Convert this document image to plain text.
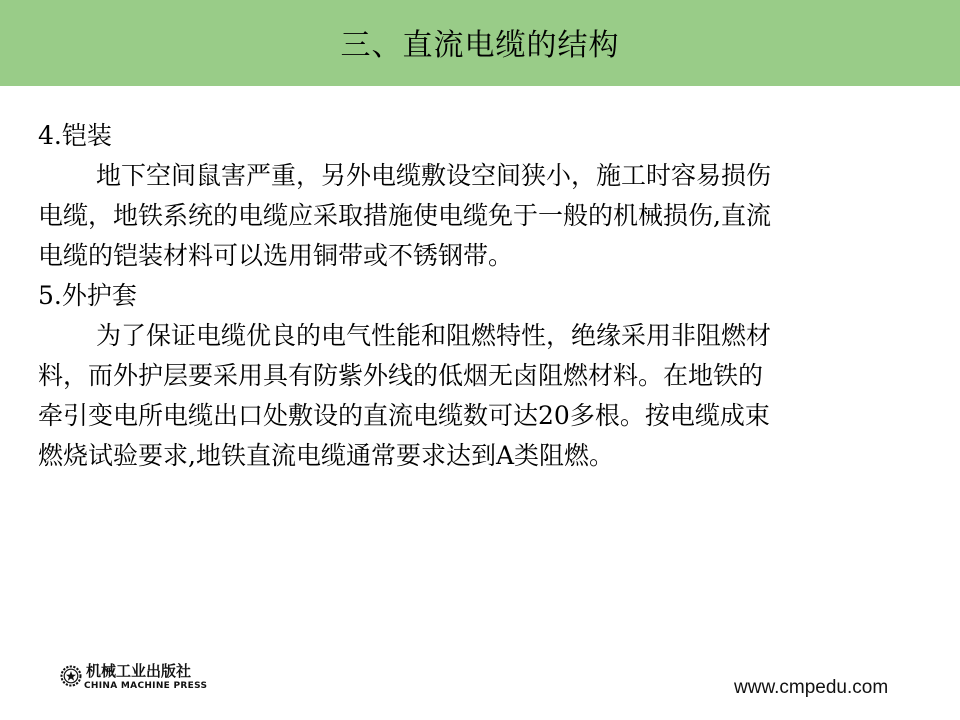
三、直流电缆的结构
4.铠装
地下空间鼠害严重，另外电缆敷设空间狭小，施工时容易损伤
电缆，地铁系统的电缆应采取措施使电缆免于一般的机械损伤,直流
电缆的铠装材料可以选用铜带或不锈钢带。
5.外护套
为了保证电缆优良的电气性能和阻燃特性，绝缘采用非阻燃材
料，而外护层要采用具有防紫外线的低烟无卤阻燃材料。在地铁的
牵引变电所电缆出口处敷设的直流电缆数可达20多根。按电缆成束
燃烧试验要求,地铁直流电缆通常要求达到A类阻燃。
机械工业出版社
CHINA MACHINE PRESS	www.cmpedu.com
